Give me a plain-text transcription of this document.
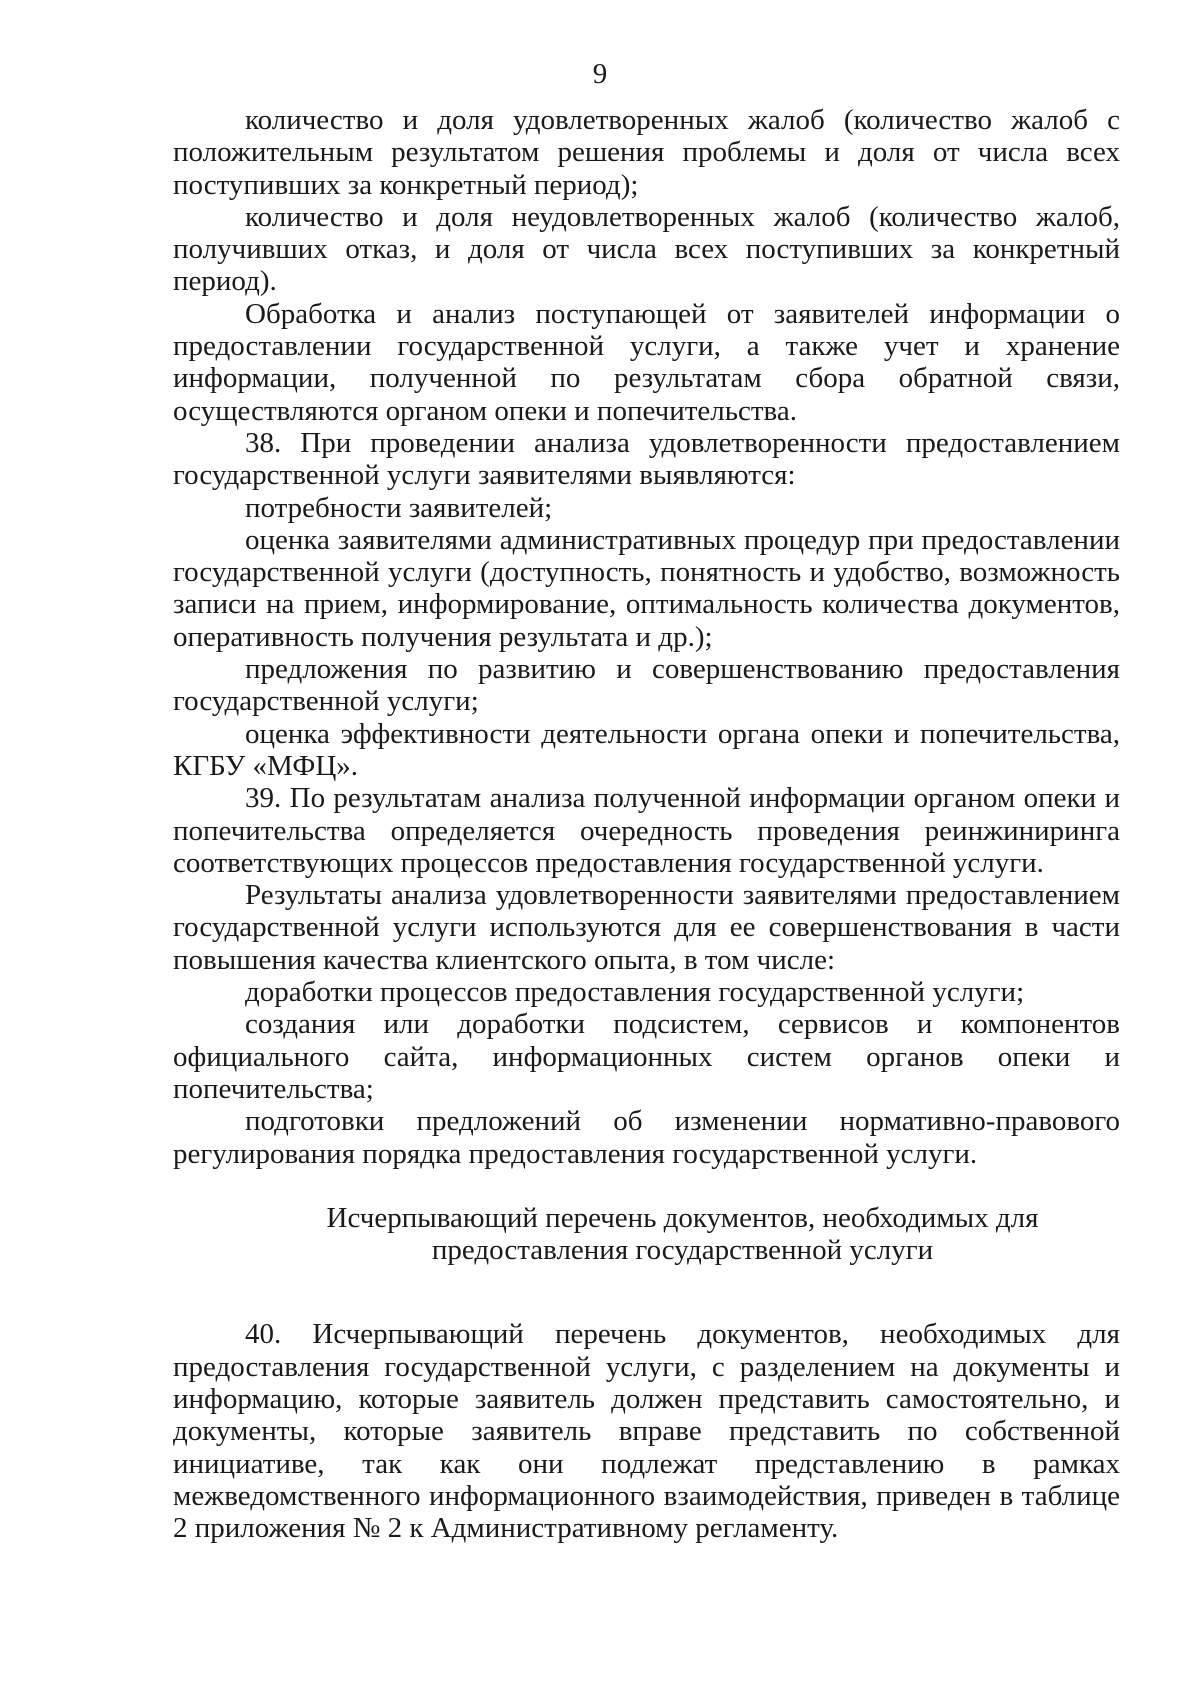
9

количество и доля удовлетворенных жалоб (количество жалоб с положительным результатом решения проблемы и доля от числа всех поступивших за конкретный период);

количество и доля неудовлетворенных жалоб (количество жалоб, получивших отказ, и доля от числа всех поступивших за конкретный период).

Обработка и анализ поступающей от заявителей информации о предоставлении государственной услуги, а также учет и хранение информации, полученной по результатам сбора обратной связи, осуществляются органом опеки и попечительства.

38. При проведении анализа удовлетворенности предоставлением государственной услуги заявителями выявляются:

потребности заявителей;

оценка заявителями административных процедур при предоставлении государственной услуги (доступность, понятность и удобство, возможность записи на прием, информирование, оптимальность количества документов, оперативность получения результата и др.);

предложения по развитию и совершенствованию предоставления государственной услуги;

оценка эффективности деятельности органа опеки и попечительства, КГБУ «МФЦ».

39. По результатам анализа полученной информации органом опеки и попечительства определяется очередность проведения реинжиниринга соответствующих процессов предоставления государственной услуги.

Результаты анализа удовлетворенности заявителями предоставлением государственной услуги используются для ее совершенствования в части повышения качества клиентского опыта, в том числе:

доработки процессов предоставления государственной услуги;

создания или доработки подсистем, сервисов и компонентов официального сайта, информационных систем органов опеки и попечительства;

подготовки предложений об изменении нормативно-правового регулирования порядка предоставления государственной услуги.

Исчерпывающий перечень документов, необходимых для

предоставления государственной услуги

40. Исчерпывающий перечень документов, необходимых для предоставления государственной услуги, с разделением на документы и информацию, которые заявитель должен представить самостоятельно, и документы, которые заявитель вправе представить по собственной инициативе, так как они подлежат представлению в рамках межведомственного информационного взаимодействия, приведен в таблице 2 приложения № 2 к Административному регламенту.
